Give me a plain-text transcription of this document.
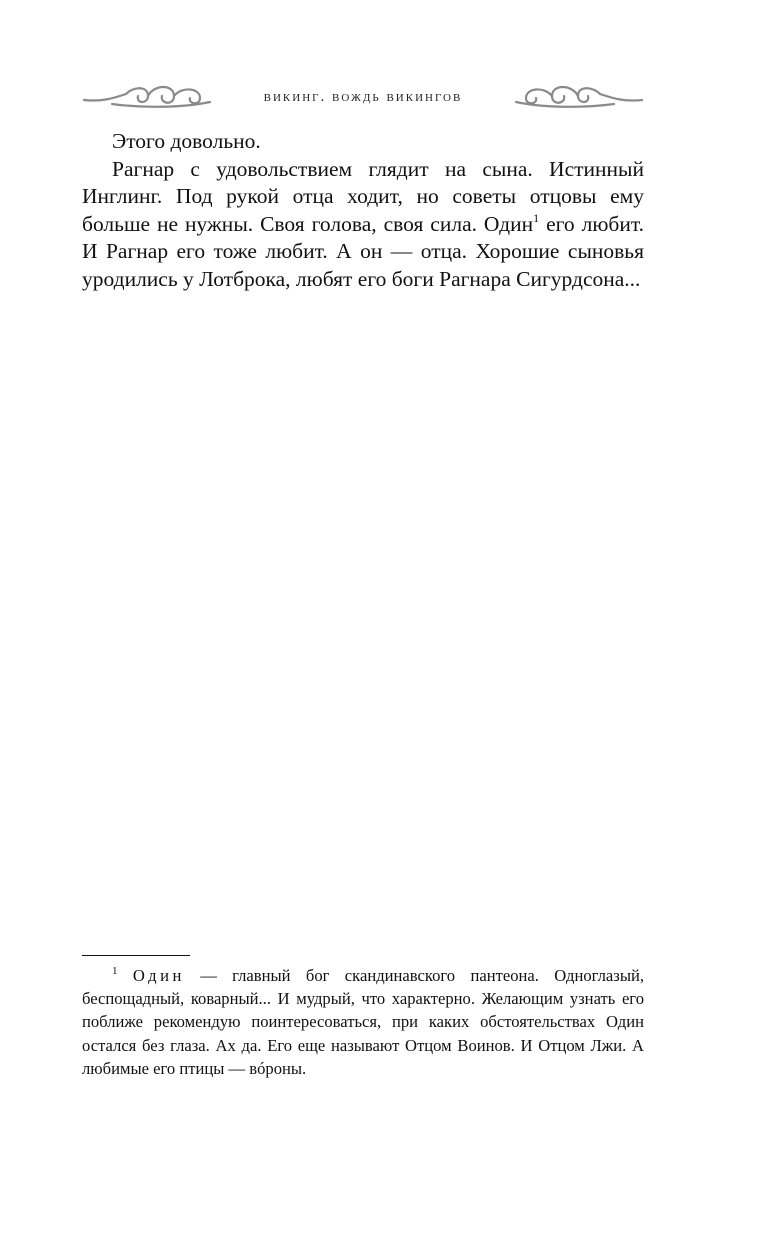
викинг. вождь викингов

Этого довольно.

Рагнар с удовольствием глядит на сына. Истинный Инглинг. Под рукой отца ходит, но советы отцовы ему больше не нужны. Своя голова, своя сила. Один$^1$ его любит. И Рагнар его тоже любит. А он — отца. Хорошие сыновья уродились у Лотброка, любят его боги Рагнара Сигурдсона...

$^1$ Один — главный бог скандинавского пантеона. Одноглазый, беспощадный, коварный... И мудрый, что характерно. Желающим узнать его поближе рекомендую поинтересоваться, при каких обстоятельствах Один остался без глаза. Ах да. Его еще называют Отцом Воинов. И Отцом Лжи. А любимые его птицы — вóроны.
